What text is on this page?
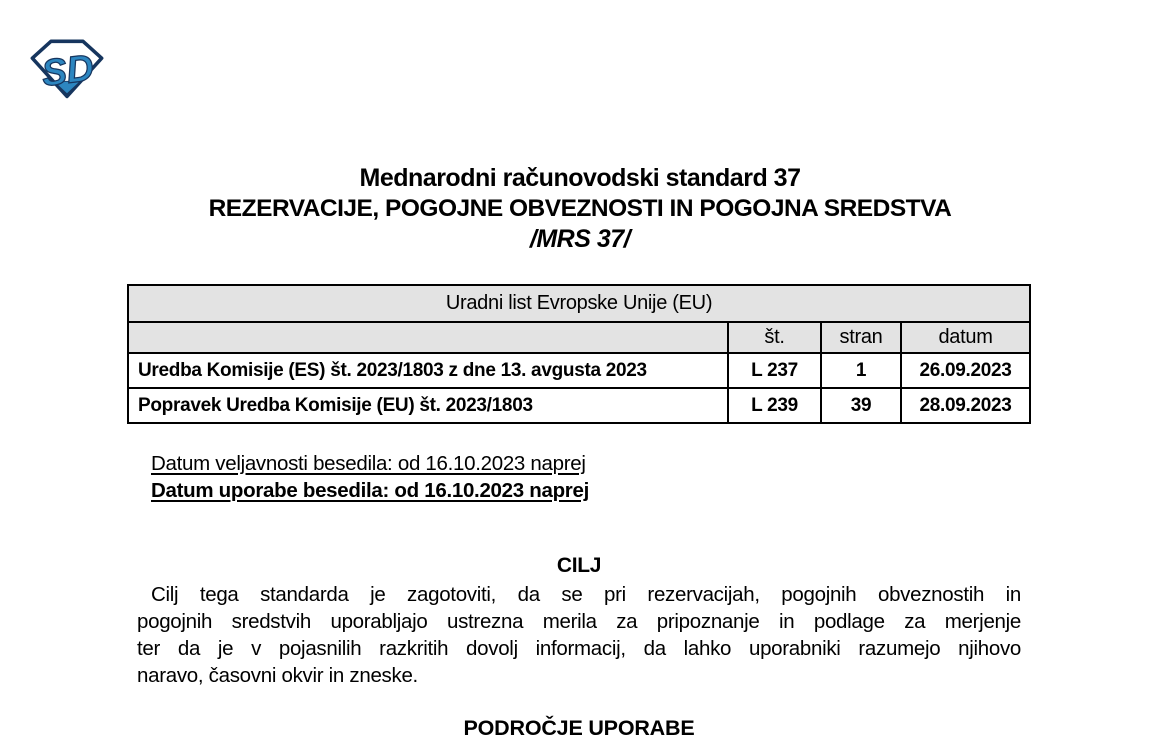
SD
Mednarodni računovodski standard 37
REZERVACIJE, POGOJNE OBVEZNOSTI IN POGOJNA SREDSTVA
/MRS 37/
Uradni list Evropske Unije (EU)			
	št.	stran	datum
Uredba Komisije (ES) št. 2023/1803 z dne 13. avgusta 2023	L 237	1	26.09.2023
Popravek Uredba Komisije (EU) št. 2023/1803	L 239	39	28.09.2023
Datum veljavnosti besedila: od 16.10.2023 naprej
Datum uporabe besedila: od 16.10.2023 naprej
CILJ
Cilj tega standarda je zagotoviti, da se pri rezervacijah, pogojnih obveznostih in
pogojnih sredstvih uporabljajo ustrezna merila za pripoznanje in podlage za merjenje
ter da je v pojasnilih razkritih dovolj informacij, da lahko uporabniki razumejo njihovo
naravo, časovni okvir in zneske.
PODROČJE UPORABE
